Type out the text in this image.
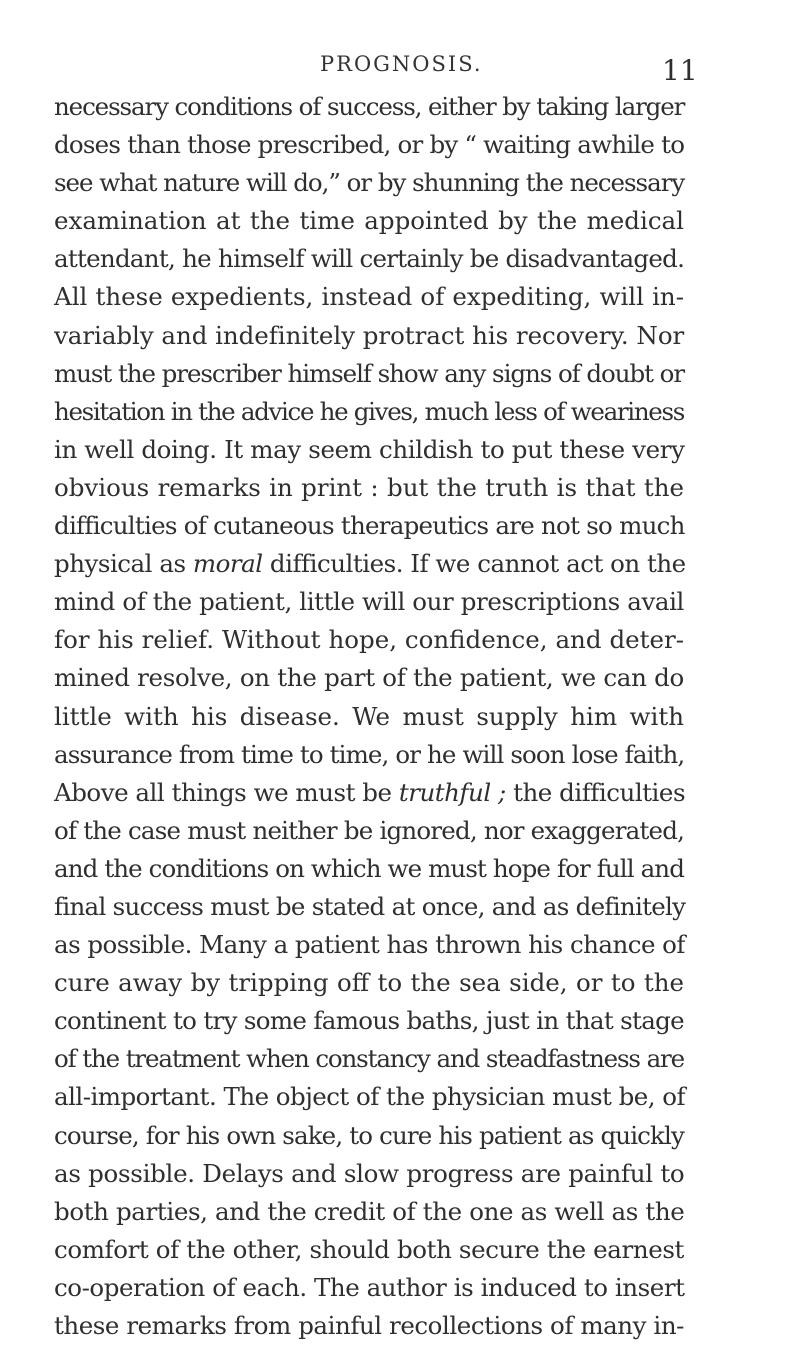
PROGNOSIS.	11
necessary conditions of success, either by taking larger
doses than those prescribed, or by “ waiting awhile to
see what nature will do,” or by shunning the necessary
examination at the time appointed by the medical
attendant, he himself will certainly be disadvantaged.
All these expedients, instead of expediting, will in-
variably and indefinitely protract his recovery. Nor
must the prescriber himself show any signs of doubt or
hesitation in the advice he gives, much less of weariness
in well doing. It may seem childish to put these very
obvious remarks in print : but the truth is that the
difficulties of cutaneous therapeutics are not so much
physical as moral difficulties. If we cannot act on the
mind of the patient, little will our prescriptions avail
for his relief. Without hope, confidence, and deter-
mined resolve, on the part of the patient, we can do
little with his disease. We must supply him with
assurance from time to time, or he will soon lose faith,
Above all things we must be truthful ; the difficulties
of the case must neither be ignored, nor exaggerated,
and the conditions on which we must hope for full and
final success must be stated at once, and as definitely
as possible. Many a patient has thrown his chance of
cure away by tripping off to the sea side, or to the
continent to try some famous baths, just in that stage
of the treatment when constancy and steadfastness are
all-important. The object of the physician must be, of
course, for his own sake, to cure his patient as quickly
as possible. Delays and slow progress are painful to
both parties, and the credit of the one as well as the
comfort of the other, should both secure the earnest
co-operation of each. The author is induced to insert
these remarks from painful recollections of many in-
